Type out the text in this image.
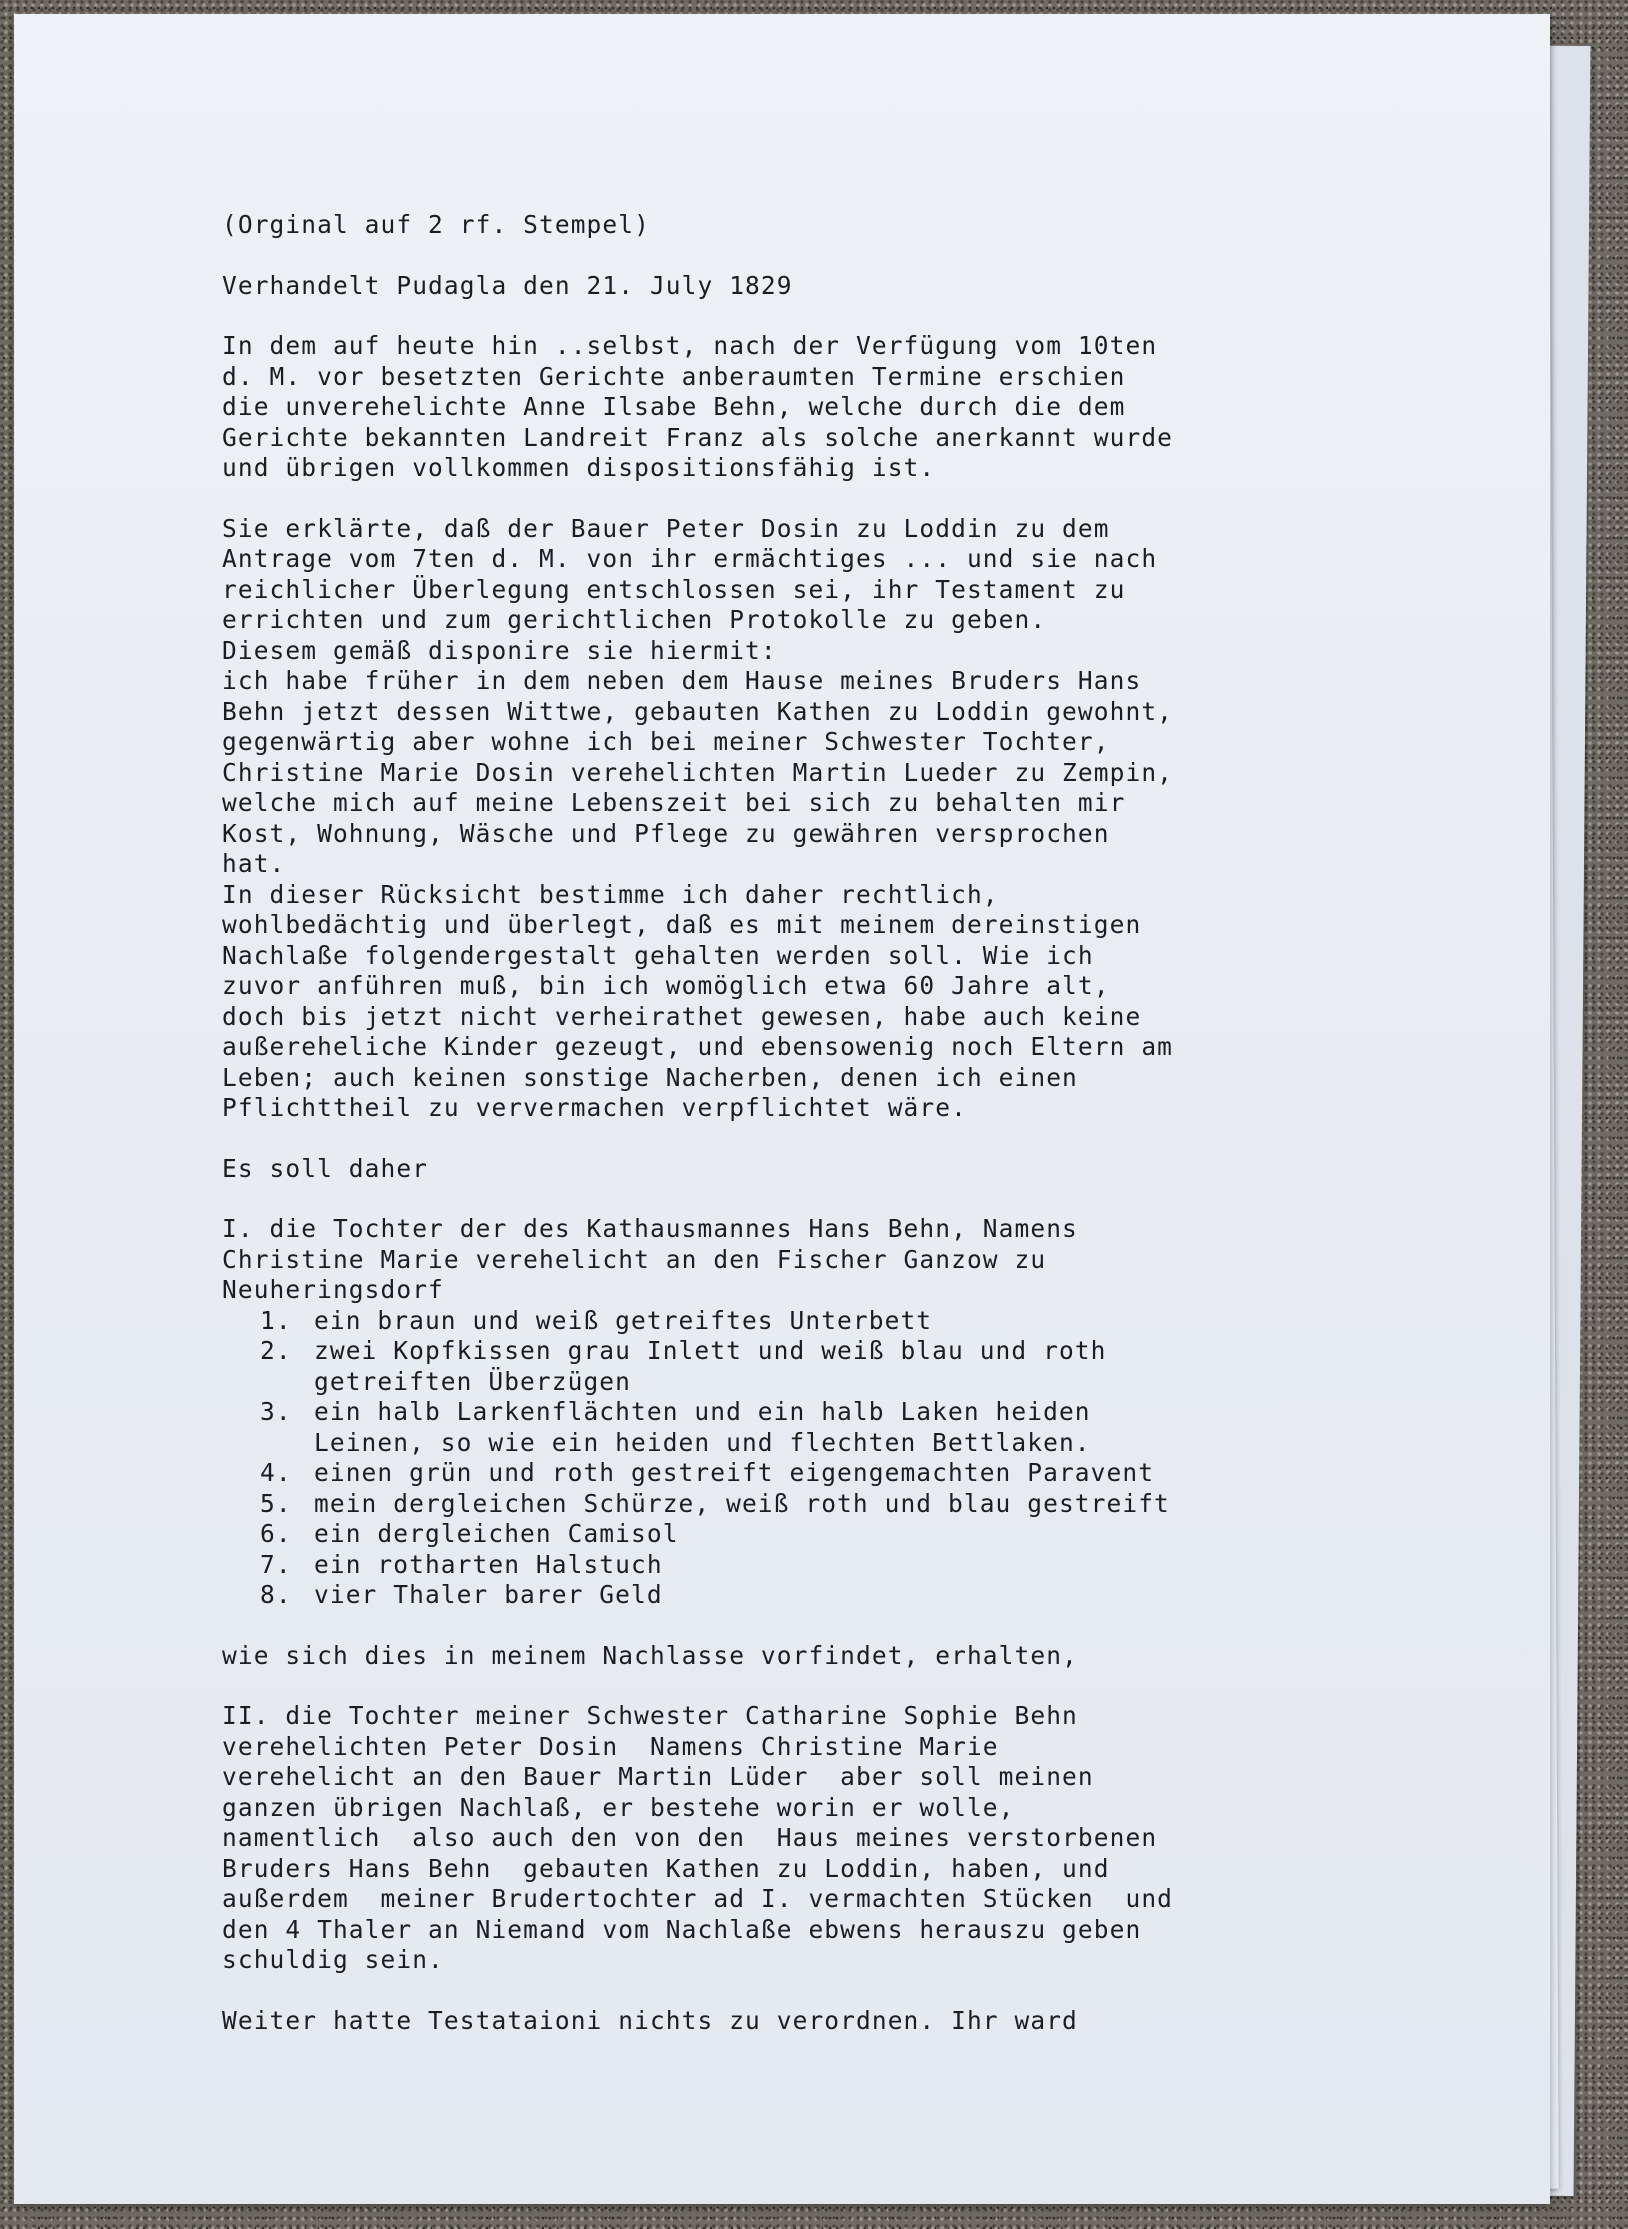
(Orginal auf 2 rf. Stempel)
Verhandelt Pudagla den 21. July 1829
In dem auf heute hin ..selbst, nach der Verfügung vom 10ten
d. M. vor besetzten Gerichte anberaumten Termine erschien
die unverehelichte Anne Ilsabe Behn, welche durch die dem
Gerichte bekannten Landreit Franz als solche anerkannt wurde
und übrigen vollkommen dispositionsfähig ist.
Sie erklärte, daß der Bauer Peter Dosin zu Loddin zu dem
Antrage vom 7ten d. M. von ihr ermächtiges ... und sie nach
reichlicher Überlegung entschlossen sei, ihr Testament zu
errichten und zum gerichtlichen Protokolle zu geben.
Diesem gemäß disponire sie hiermit:
ich habe früher in dem neben dem Hause meines Bruders Hans
Behn jetzt dessen Wittwe, gebauten Kathen zu Loddin gewohnt,
gegenwärtig aber wohne ich bei meiner Schwester Tochter,
Christine Marie Dosin verehelichten Martin Lueder zu Zempin,
welche mich auf meine Lebenszeit bei sich zu behalten mir
Kost, Wohnung, Wäsche und Pflege zu gewähren versprochen
hat.
In dieser Rücksicht bestimme ich daher rechtlich,
wohlbedächtig und überlegt, daß es mit meinem dereinstigen
Nachlaße folgendergestalt gehalten werden soll. Wie ich
zuvor anführen muß, bin ich womöglich etwa 60 Jahre alt,
doch bis jetzt nicht verheirathet gewesen, habe auch keine
außereheliche Kinder gezeugt, und ebensowenig noch Eltern am
Leben; auch keinen sonstige Nacherben, denen ich einen
Pflichttheil zu ververmachen verpflichtet wäre.
Es soll daher
I. die Tochter der des Kathausmannes Hans Behn, Namens
Christine Marie verehelicht an den Fischer Ganzow zu
Neuheringsdorf
1. ein braun und weiß getreiftes Unterbett
2. zwei Kopfkissen grau Inlett und weiß blau und roth
getreiften Überzügen
3. ein halb Larkenflächten und ein halb Laken heiden
Leinen, so wie ein heiden und flechten Bettlaken.
4. einen grün und roth gestreift eigengemachten Paravent
5. mein dergleichen Schürze, weiß roth und blau gestreift
6. ein dergleichen Camisol
7. ein rotharten Halstuch
8. vier Thaler barer Geld
wie sich dies in meinem Nachlasse vorfindet, erhalten,
II. die Tochter meiner Schwester Catharine Sophie Behn
verehelichten Peter Dosin  Namens Christine Marie
verehelicht an den Bauer Martin Lüder  aber soll meinen
ganzen übrigen Nachlaß, er bestehe worin er wolle,
namentlich  also auch den von den  Haus meines verstorbenen
Bruders Hans Behn  gebauten Kathen zu Loddin, haben, und
außerdem  meiner Brudertochter ad I. vermachten Stücken  und
den 4 Thaler an Niemand vom Nachlaße ebwens herauszu geben
schuldig sein.
Weiter hatte Testataioni nichts zu verordnen. Ihr ward
